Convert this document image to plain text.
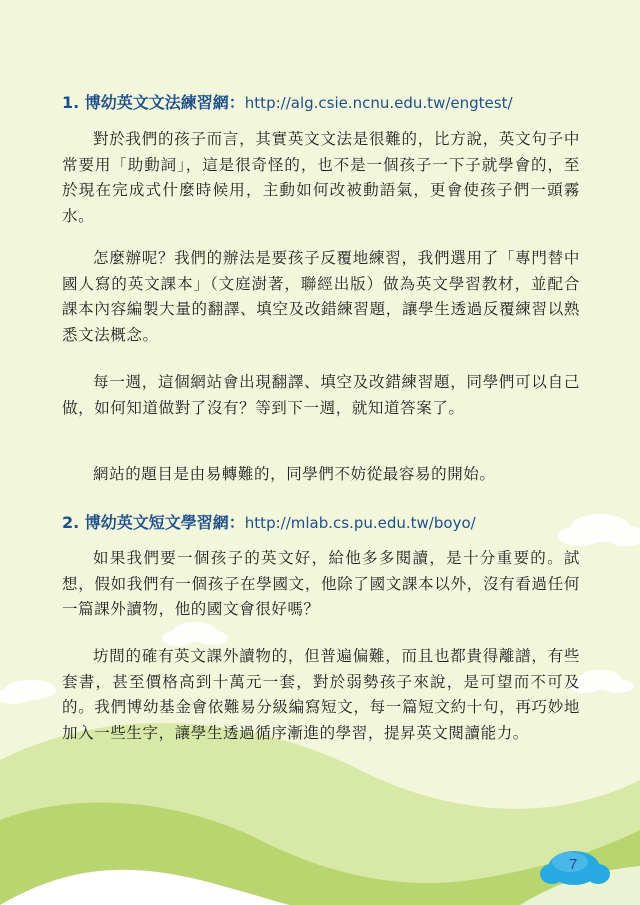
1. 博幼英文文法練習網：http://alg.csie.ncnu.edu.tw/engtest/
對於我們的孩子而言，其實英文文法是很難的，比方說，英文句子中常要用「助動詞」，這是很奇怪的，也不是一個孩子一下子就學會的，至於現在完成式什麼時候用，主動如何改被動語氣，更會使孩子們一頭霧水。
怎麼辦呢？我們的辦法是要孩子反覆地練習，我們選用了「專門替中國人寫的英文課本」（文庭澍著，聯經出版）做為英文學習教材，並配合課本內容編製大量的翻譯、填空及改錯練習題，讓學生透過反覆練習以熟悉文法概念。
每一週，這個網站會出現翻譯、填空及改錯練習題，同學們可以自己做，如何知道做對了沒有？等到下一週，就知道答案了。
網站的題目是由易轉難的，同學們不妨從最容易的開始。
2. 博幼英文短文學習網：http://mlab.cs.pu.edu.tw/boyo/
如果我們要一個孩子的英文好，給他多多閱讀，是十分重要的。試想，假如我們有一個孩子在學國文，他除了國文課本以外，沒有看過任何一篇課外讀物，他的國文會很好嗎？
坊間的確有英文課外讀物的，但普遍偏難，而且也都貴得離譜，有些套書，甚至價格高到十萬元一套，對於弱勢孩子來說，是可望而不可及的。我們博幼基金會依難易分級編寫短文，每一篇短文約十句，再巧妙地加入一些生字，讓學生透過循序漸進的學習，提昇英文閱讀能力。
7
